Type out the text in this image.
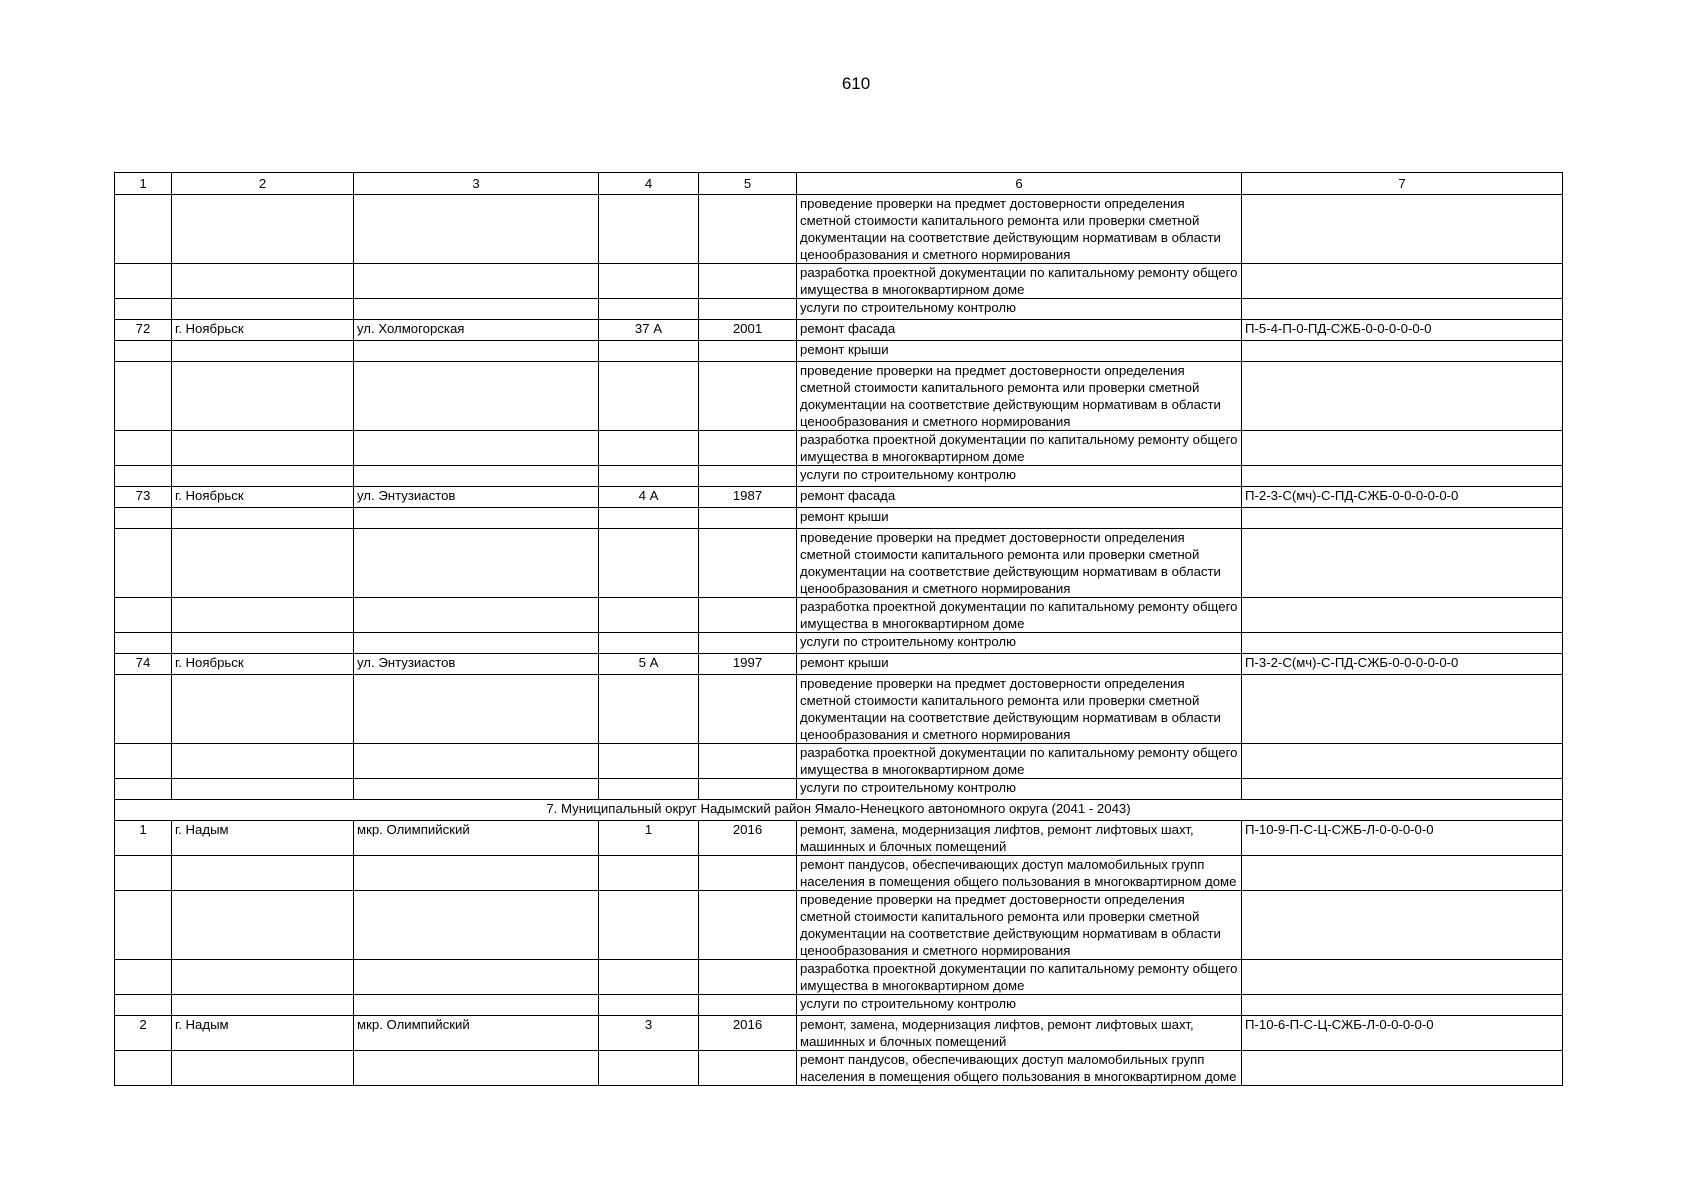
610
1	2	3	4	5	6	7
					проведение проверки на предмет достоверности определения сметной стоимости капитального ремонта или проверки сметной документации на соответствие действующим нормативам в области ценообразования и сметного нормирования	
					разработка проектной документации по капитальному ремонту общего имущества в многоквартирном доме	
					услуги по строительному контролю	
72	г. Ноябрьск	ул. Холмогорская	37 А	2001	ремонт фасада	П-5-4-П-0-ПД-СЖБ-0-0-0-0-0-0
					ремонт крыши	
					проведение проверки на предмет достоверности определения сметной стоимости капитального ремонта или проверки сметной документации на соответствие действующим нормативам в области ценообразования и сметного нормирования	
					разработка проектной документации по капитальному ремонту общего имущества в многоквартирном доме	
					услуги по строительному контролю	
73	г. Ноябрьск	ул. Энтузиастов	4 А	1987	ремонт фасада	П-2-3-С(мч)-С-ПД-СЖБ-0-0-0-0-0-0
					ремонт крыши	
					проведение проверки на предмет достоверности определения сметной стоимости капитального ремонта или проверки сметной документации на соответствие действующим нормативам в области ценообразования и сметного нормирования	
					разработка проектной документации по капитальному ремонту общего имущества в многоквартирном доме	
					услуги по строительному контролю	
74	г. Ноябрьск	ул. Энтузиастов	5 А	1997	ремонт крыши	П-3-2-С(мч)-С-ПД-СЖБ-0-0-0-0-0-0
					проведение проверки на предмет достоверности определения сметной стоимости капитального ремонта или проверки сметной документации на соответствие действующим нормативам в области ценообразования и сметного нормирования	
					разработка проектной документации по капитальному ремонту общего имущества в многоквартирном доме	
					услуги по строительному контролю	
7. Муниципальный округ Надымский район Ямало-Ненецкого автономного округа (2041 - 2043)						
1	г. Надым	мкр. Олимпийский	1	2016	ремонт, замена, модернизация лифтов, ремонт лифтовых шахт, машинных и блочных помещений	П-10-9-П-С-Ц-СЖБ-Л-0-0-0-0-0
					ремонт пандусов, обеспечивающих доступ маломобильных групп населения в помещения общего пользования в многоквартирном доме	
					проведение проверки на предмет достоверности определения сметной стоимости капитального ремонта или проверки сметной документации на соответствие действующим нормативам в области ценообразования и сметного нормирования	
					разработка проектной документации по капитальному ремонту общего имущества в многоквартирном доме	
					услуги по строительному контролю	
2	г. Надым	мкр. Олимпийский	3	2016	ремонт, замена, модернизация лифтов, ремонт лифтовых шахт, машинных и блочных помещений	П-10-6-П-С-Ц-СЖБ-Л-0-0-0-0-0
					ремонт пандусов, обеспечивающих доступ маломобильных групп населения в помещения общего пользования в многоквартирном доме	
